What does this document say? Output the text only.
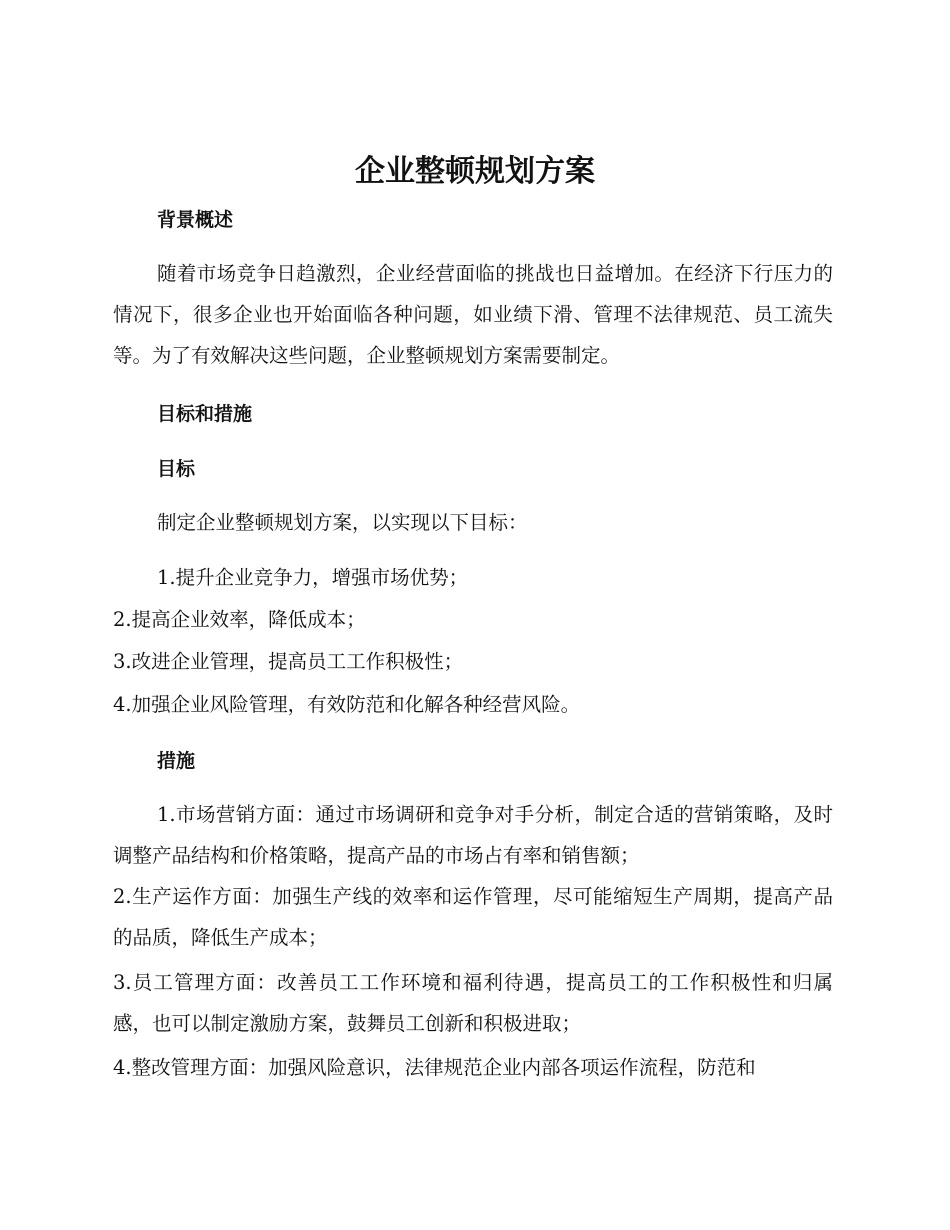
企业整顿规划方案
背景概述

随着市场竞争日趋激烈，企业经营面临的挑战也日益增加。在经济下行压力的情况下，很多企业也开始面临各种问题，如业绩下滑、管理不法律规范、员工流失等。为了有效解决这些问题，企业整顿规划方案需要制定。

目标和措施
目标

制定企业整顿规划方案，以实现以下目标：

1.提升企业竞争力，增强市场优势；

2.提高企业效率，降低成本；

3.改进企业管理，提高员工工作积极性；

4.加强企业风险管理，有效防范和化解各种经营风险。

措施

1.市场营销方面：通过市场调研和竞争对手分析，制定合适的营销策略，及时调整产品结构和价格策略，提高产品的市场占有率和销售额；

2.生产运作方面：加强生产线的效率和运作管理，尽可能缩短生产周期，提高产品的品质，降低生产成本；

3.员工管理方面：改善员工工作环境和福利待遇，提高员工的工作积极性和归属感，也可以制定激励方案，鼓舞员工创新和积极进取；

4.整改管理方面：加强风险意识，法律规范企业内部各项运作流程，防范和
